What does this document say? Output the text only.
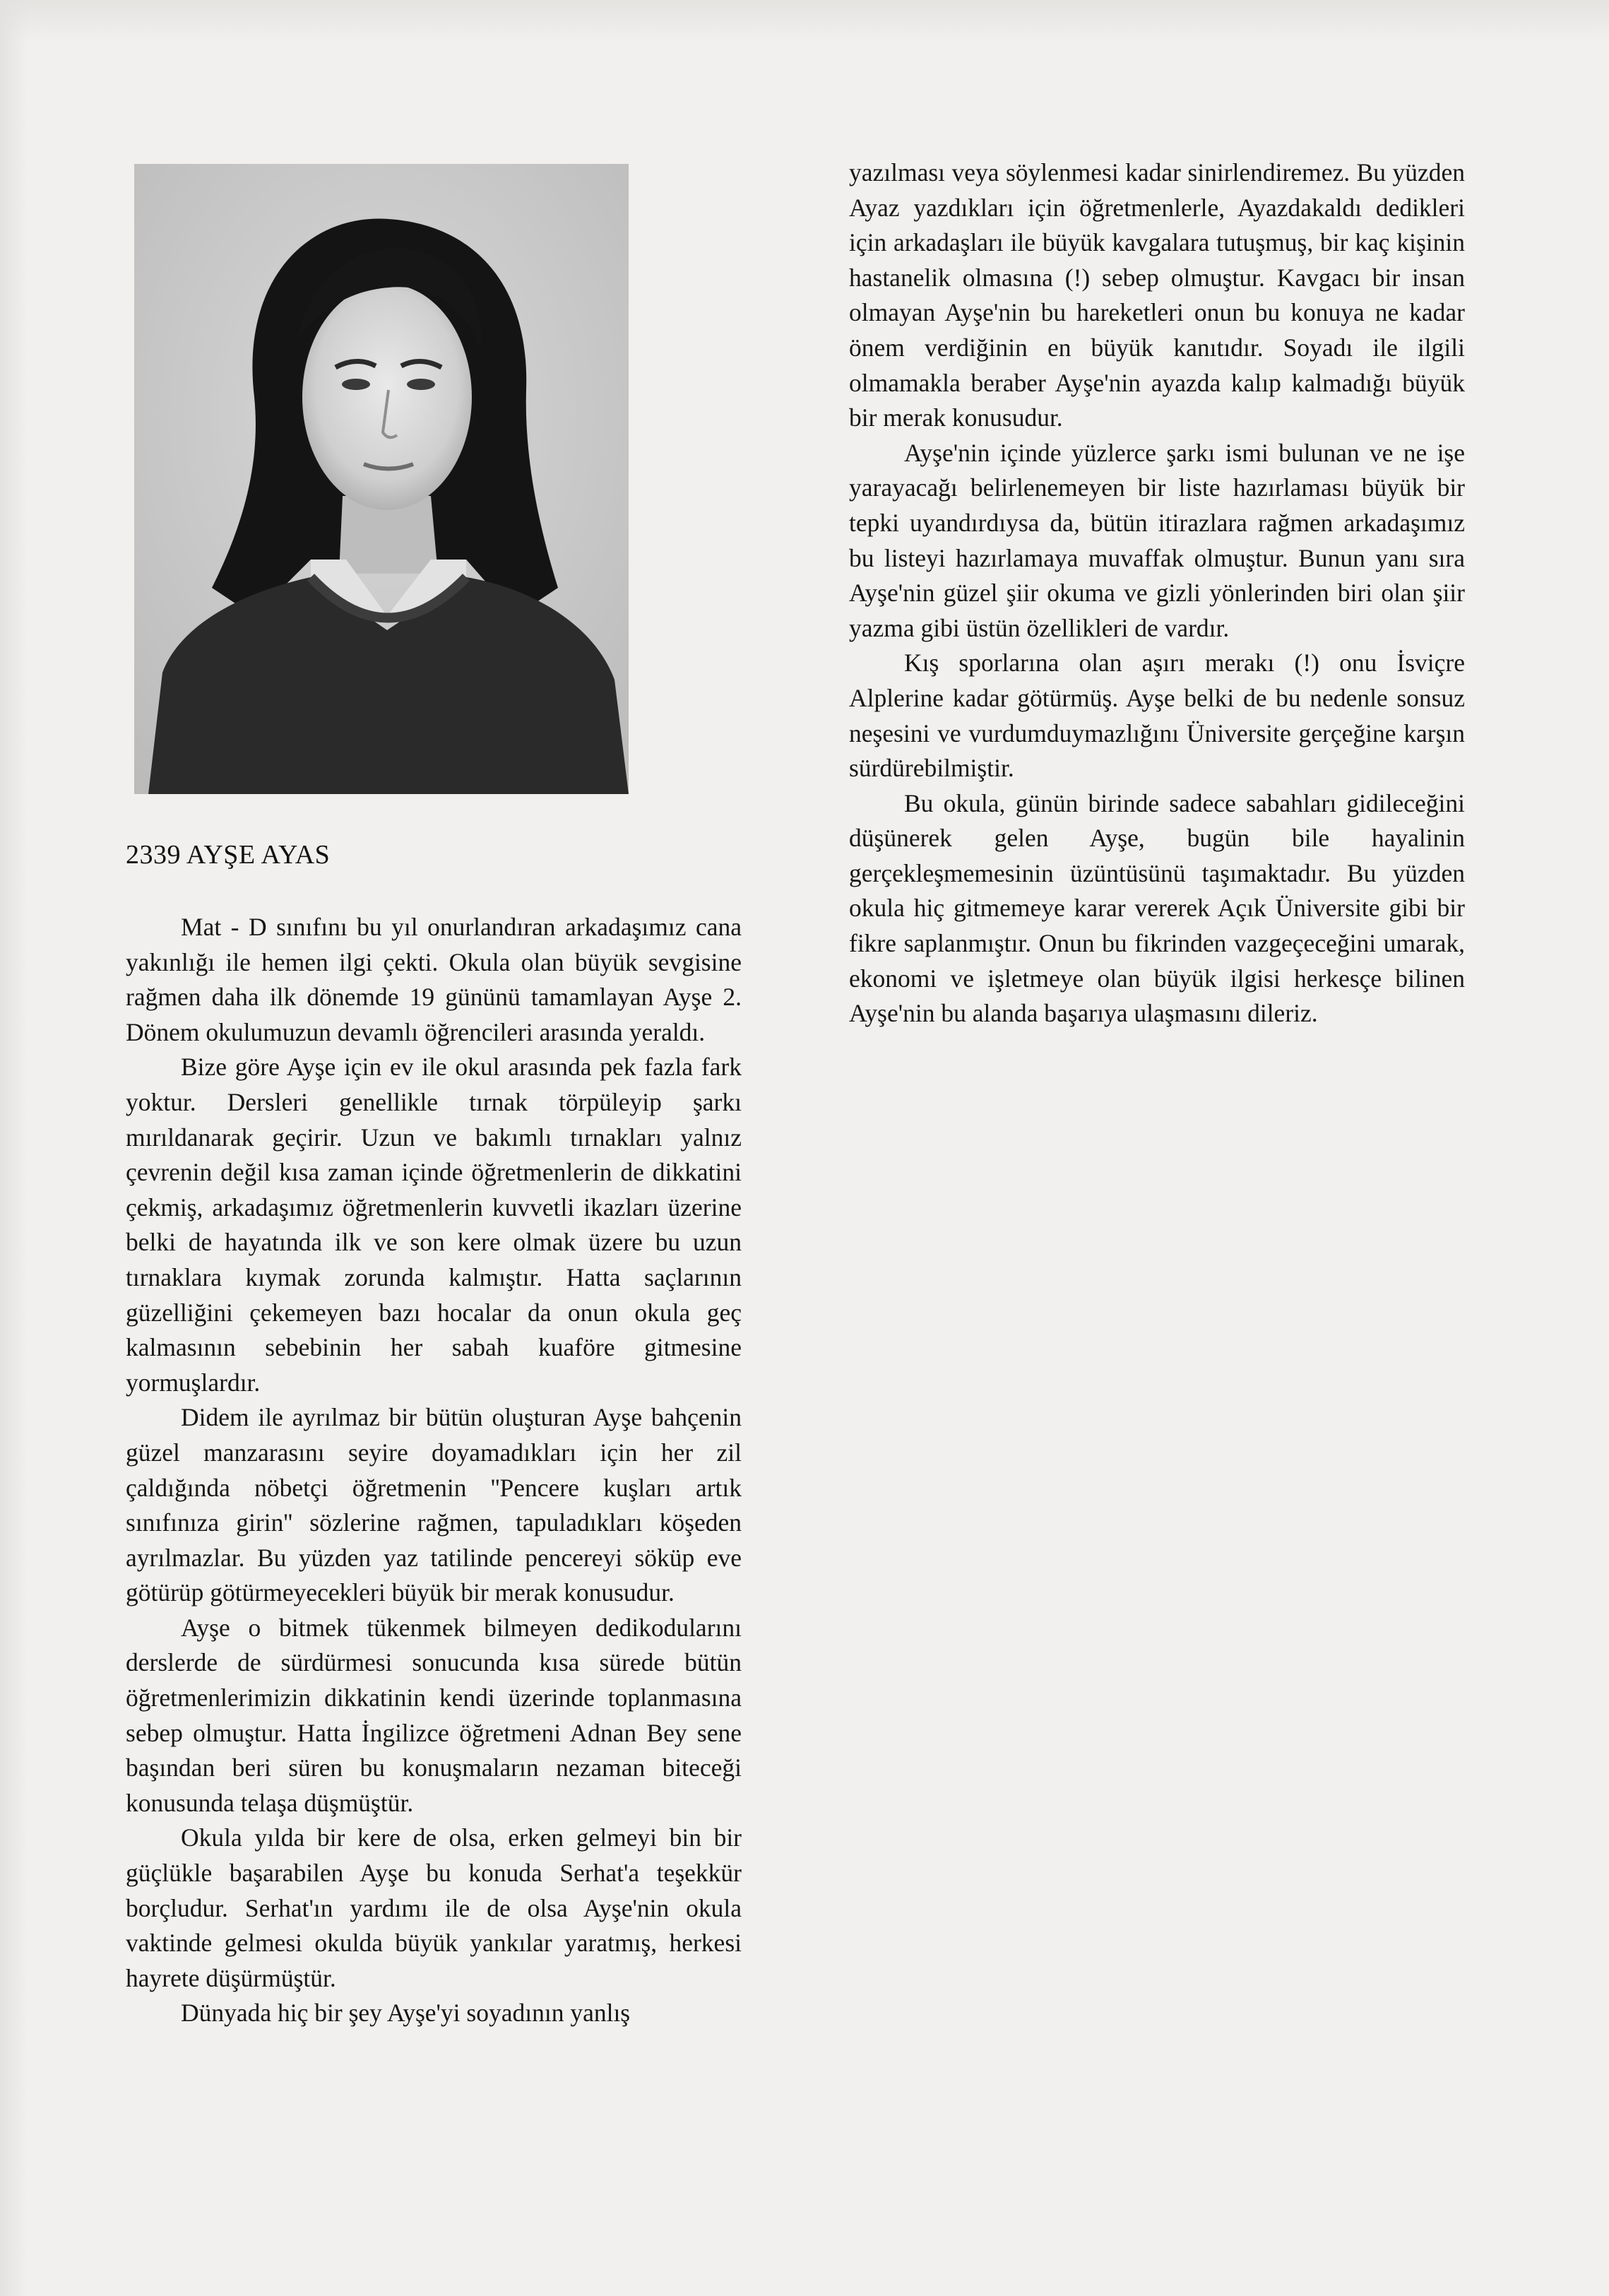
2339 AYŞE AYAS

Mat - D sınıfını bu yıl onurlandıran arkadaşımız cana yakınlığı ile hemen ilgi çekti. Okula olan büyük sevgisine rağmen daha ilk dönemde 19 gününü tamamlayan Ayşe 2. Dönem okulumuzun devamlı öğrencileri arasında yeraldı.

Bize göre Ayşe için ev ile okul arasında pek fazla fark yoktur. Dersleri genellikle tırnak törpüleyip şarkı mırıldanarak geçirir. Uzun ve bakımlı tırnakları yalnız çevrenin değil kısa zaman içinde öğretmenlerin de dikkatini çekmiş, arkadaşımız öğretmenlerin kuvvetli ikazları üzerine belki de hayatında ilk ve son kere olmak üzere bu uzun tırnaklara kıymak zorunda kalmıştır. Hatta saçlarının güzelliğini çekemeyen bazı hocalar da onun okula geç kalmasının sebebinin her sabah kuaföre gitmesine yormuşlardır.

Didem ile ayrılmaz bir bütün oluşturan Ayşe bahçenin güzel manzarasını seyire doyamadıkları için her zil çaldığında nöbetçi öğretmenin ''Pencere kuşları artık sınıfınıza girin'' sözlerine rağmen, tapuladıkları köşeden ayrılmazlar. Bu yüzden yaz tatilinde pencereyi söküp eve götürüp götürmeyecekleri büyük bir merak konusudur.

Ayşe o bitmek tükenmek bilmeyen dedikodularını derslerde de sürdürmesi sonucunda kısa sürede bütün öğretmenlerimizin dikkatinin kendi üzerinde toplanmasına sebep olmuştur. Hatta İngilizce öğretmeni Adnan Bey sene başından beri süren bu konuşmaların nezaman biteceği konusunda telaşa düşmüştür.

Okula yılda bir kere de olsa, erken gelmeyi bin bir güçlükle başarabilen Ayşe bu konuda Serhat'a teşekkür borçludur. Serhat'ın yardımı ile de olsa Ayşe'nin okula vaktinde gelmesi okulda büyük yankılar yaratmış, herkesi hayrete düşürmüştür.

Dünyada hiç bir şey Ayşe'yi soyadının yanlış

yazılması veya söylenmesi kadar sinirlendiremez. Bu yüzden Ayaz yazdıkları için öğretmenlerle, Ayazdakaldı dedikleri için arkadaşları ile büyük kavgalara tutuşmuş, bir kaç kişinin hastanelik olmasına (!) sebep olmuştur. Kavgacı bir insan olmayan Ayşe'nin bu hareketleri onun bu konuya ne kadar önem verdiğinin en büyük kanıtıdır. Soyadı ile ilgili olmamakla beraber Ayşe'nin ayazda kalıp kalmadığı büyük bir merak konusudur.

Ayşe'nin içinde yüzlerce şarkı ismi bulunan ve ne işe yarayacağı belirlenemeyen bir liste hazırlaması büyük bir tepki uyandırdıysa da, bütün itirazlara rağmen arkadaşımız bu listeyi hazırlamaya muvaffak olmuştur. Bunun yanı sıra Ayşe'nin güzel şiir okuma ve gizli yönlerinden biri olan şiir yazma gibi üstün özellikleri de vardır.

Kış sporlarına olan aşırı merakı (!) onu İsviçre Alplerine kadar götürmüş. Ayşe belki de bu nedenle sonsuz neşesini ve vurdumduymazlığını Üniversite gerçeğine karşın sürdürebilmiştir.

Bu okula, günün birinde sadece sabahları gidileceğini düşünerek gelen Ayşe, bugün bile hayalinin gerçekleşmemesinin üzüntüsünü taşımaktadır. Bu yüzden okula hiç gitmemeye karar vererek Açık Üniversite gibi bir fikre saplanmıştır. Onun bu fikrinden vazgeçeceğini umarak, ekonomi ve işletmeye olan büyük ilgisi herkesçe bilinen Ayşe'nin bu alanda başarıya ulaşmasını dileriz.
